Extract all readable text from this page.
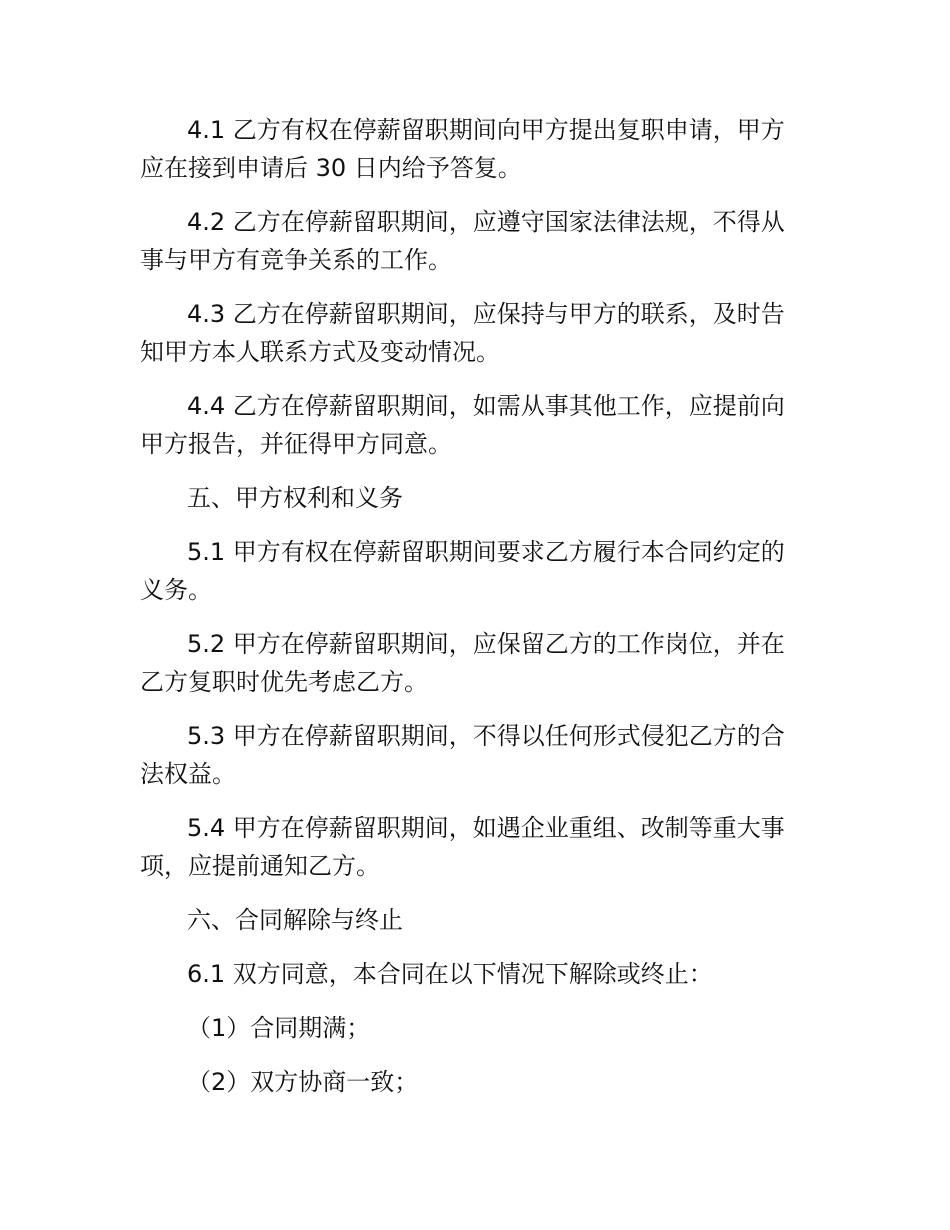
4.1 乙方有权在停薪留职期间向甲方提出复职申请，甲方
应在接到申请后 30 日内给予答复。
4.2 乙方在停薪留职期间，应遵守国家法律法规，不得从
事与甲方有竞争关系的工作。
4.3 乙方在停薪留职期间，应保持与甲方的联系，及时告
知甲方本人联系方式及变动情况。
4.4 乙方在停薪留职期间，如需从事其他工作，应提前向
甲方报告，并征得甲方同意。
五、甲方权利和义务
5.1 甲方有权在停薪留职期间要求乙方履行本合同约定的
义务。
5.2 甲方在停薪留职期间，应保留乙方的工作岗位，并在
乙方复职时优先考虑乙方。
5.3 甲方在停薪留职期间，不得以任何形式侵犯乙方的合
法权益。
5.4 甲方在停薪留职期间，如遇企业重组、改制等重大事
项，应提前通知乙方。
六、合同解除与终止
6.1 双方同意，本合同在以下情况下解除或终止：
（1）合同期满；
（2）双方协商一致；
